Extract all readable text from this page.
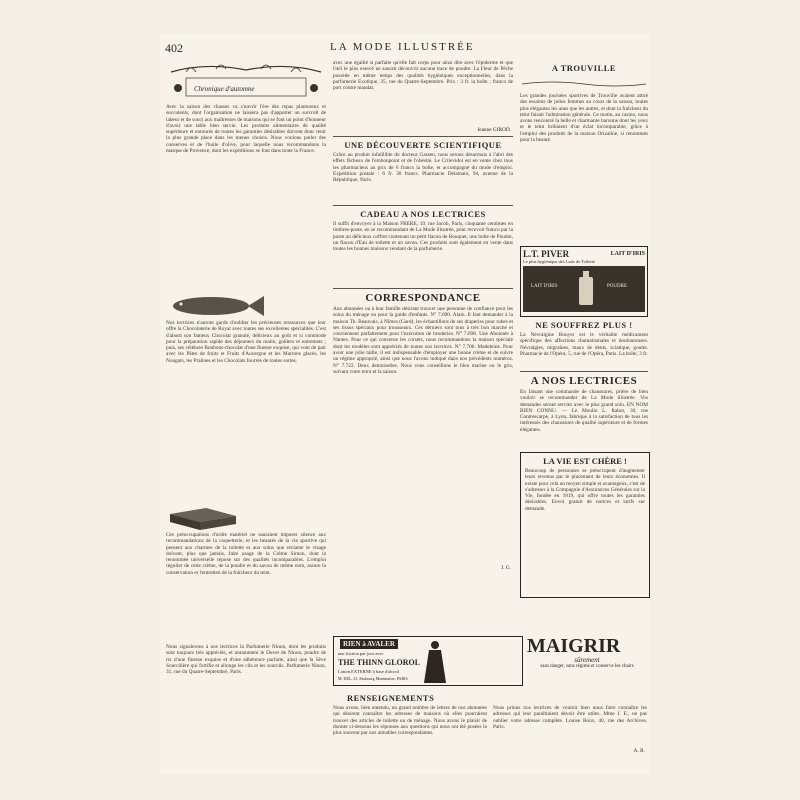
402	LA MODE ILLUSTRÉE
Chronique d'automne
Avec la saison des chasses va s'ouvrir l'ère des repas plantureux et succulents, dont l'organisation ne laissera pas d'apporter un surcroît de labeur et de souci aux maîtresses de maisons qui se font un point d'honneur d'avoir une table bien servie. Les produits alimentaires de qualité supérieure et entourés de toutes les garanties désirables doivent donc tenir la plus grande place dans les menus choisis. Nous voulons parler des conserves et de l'huile d'olive, pour laquelle nous recommandons la marque de Provence, dont les expéditions se font dans toute la France.
Nos lectrices n'auront garde d'oublier les précieuses ressources que leur offre la Chocolaterie de Royat avec toutes ses excellentes spécialités. C'est d'abord son fameux Chocolat granulé, délicieux au goût et si commode pour la préparation rapide des déjeuners du matin, goûters et entremets ; puis, ses célèbres Bonbons-chocolat d'une finesse exquise, qui vont de pair avec les Pâtes de fruits et Fruits d'Auvergne et les Marrons glacés, les Nougats, les Pralines et les Chocolats fourrés de toutes sortes.
Ces préoccupations d'ordre matériel ne sauraient imposer silence aux recommandations de la coquetterie, et les beautés de la vie sportive qui pensent aux charmes de la toilette et aux soins que réclame le visage doivent, plus que jamais, faire usage de la Crème Simon, dont la renommée universelle repose sur des qualités incomparables. L'emploi régulier de cette crème, de la poudre et du savon de même nom, assure la conservation et l'entretien de la fraîcheur du teint.
Nous signalerons à nos lectrices la Parfumerie Ninon, dont les produits sont toujours très appréciés, et notamment le Duvet de Ninon, poudre de riz d'une finesse exquise et d'une adhérence parfaite, ainsi que la Sève Sourcilière qui fortifie et allonge les cils et les sourcils. Parfumerie Ninon, 31, rue du Quatre-Septembre, Paris.
avec une égalité si parfaite qu'elle fait corps pour ainsi dire avec l'épiderme et que l'œil le plus exercé ne saurait découvrir aucune trace de poudre. La Fleur de Pêche possède en même temps des qualités hygiéniques exceptionnelles, dans la parfumerie Exotique, 35, rue du Quatre-Septembre. Prix : 3 fr. la boîte ; franco de port contre mandat.
Jeanne GIROD.
UNE DÉCOUVERTE SCIENTIFIQUE
Grâce au produit infaillible du docteur Gassen, nous serons désormais à l'abri des effets fâcheux de l'embonpoint et de l'obésité. Le Crilevidol est en vente chez tous les pharmaciens au prix de 6 francs la boîte, et accompagné du mode d'emploi. Expédition postale : 6 fr. 30 francs. Pharmacie Delamare, 94, avenue de la République, Paris.
CADEAU A NOS LECTRICES
Il suffit d'envoyer à la Maison FRÈRE, 19, rue Jacob, Paris, cinquante centimes en timbres-poste, en se recommandant de La Mode illustrée, pour recevoir franco par la poste un délicieux coffret contenant un petit flacon de Bouquet, une boîte de Poudre, un flacon d'Eau de toilette et un savon. Ces produits sont également en vente dans toutes les bonnes maisons vendant de la parfumerie.
CORRESPONDANCE
Aux abonnées ou à leur famille désirant trouver une personne de confiance pour les soins du ménage ou pour la garde d'enfants. N° 7.690. Alain. Il faut demander à la maison Th. Beauvais, à Nîmes (Gard), les échantillons de ses draperies pour robes et ses tissus spéciaux pour trousseaux. Ces derniers sont tous à très bon marché et conviennent parfaitement pour l'exécution de broderies. N° 7.698. Une Abonnée à Nantes. Pour ce qui concerne les corsets, nous recommandons la maison spéciale dont les modèles sont appréciés de toutes nos lectrices. N° 7.706. Madeleine. Pour avoir une jolie taille, il est indispensable d'employer une bonne crème et de suivre un régime approprié, ainsi que nous l'avons indiqué dans nos précédents numéros. N° 7.722. Deux demoiselles. Nous vous conseillons le bleu marine ou le gris, suivant votre teint et la saison.
J. G.
A TROUVILLE
Les grandes journées sportives de Trouville avaient attiré des essaims de jolies femmes au cours de la saison, toutes plus élégantes les unes que les autres, et dont la fraîcheur du teint faisait l'admiration générale. Ce matin, au casino, nous avons rencontré la belle et charmante baronne dont les yeux et le teint brillaient d'un éclat incomparable, grâce à l'emploi des produits de la maison Orizaline, si renommés pour la beauté.
L.T. PIVER	LAIT D'IRIS
Le plus hygiénique des Laits de Toilette
LAIT D'IRIS	POUDRE
NE SOUFFREZ PLUS !
La Névralgine Rouyer est le véritable médicament spécifique des affections rhumatismales et douloureuses. Névralgies, migraines, maux de dents, sciatique, goutte. Pharmacie de l'Opéra, 5, rue de l'Opéra, Paris. La boîte, 3 fr.
A NOS LECTRICES
En faisant une commande de chaussures, prière de bien vouloir se recommander de La Mode illustrée. Vos demandes seront servies avec le plus grand soin. EN NOM BIEN CONNU. — Le Moulin L. Rabot, 30, rue Contrescarpe, à Lyon, fabrique à la satisfaction de tous les intéressés des chaussures de qualité supérieure et de formes élégantes.
LA VIE EST CHÈRE !
Beaucoup de personnes se préoccupent d'augmenter leurs revenus par le placement de leurs économies. Il existe pour cela un moyen simple et avantageux, c'est de s'adresser à la Compagnie d'Assurances Générales sur la Vie, fondée en 1819, qui offre toutes les garanties désirables. Envoi gratuit de notices et tarifs sur demande.
RIEN à AVALER
une friction par jour avec
THE THINN GLOROL
Lotion EXTERNE à base d'alcool
M. DEL, 21, Faubourg Montmartre, PARIS
MAIGRIR
sûrement
sans danger, sans régime et conserve les chairs
RENSEIGNEMENTS
Nous avons, bien entendu, un grand nombre de lettres de nos abonnées qui désirent connaître les adresses de maisons où elles pourraient trouver des articles de toilette ou de ménage. Nous avons le plaisir de donner ci-dessous les réponses aux questions qui nous ont été posées le plus souvent par nos aimables correspondantes.
Nous prions nos lectrices de vouloir bien nous faire connaître les adresses qui leur paraîtraient devoir être utiles. Mme J. E., ne pas oublier votre adresse complète. Louise Roux, 40, rue des Archives, Paris.
A. R.
